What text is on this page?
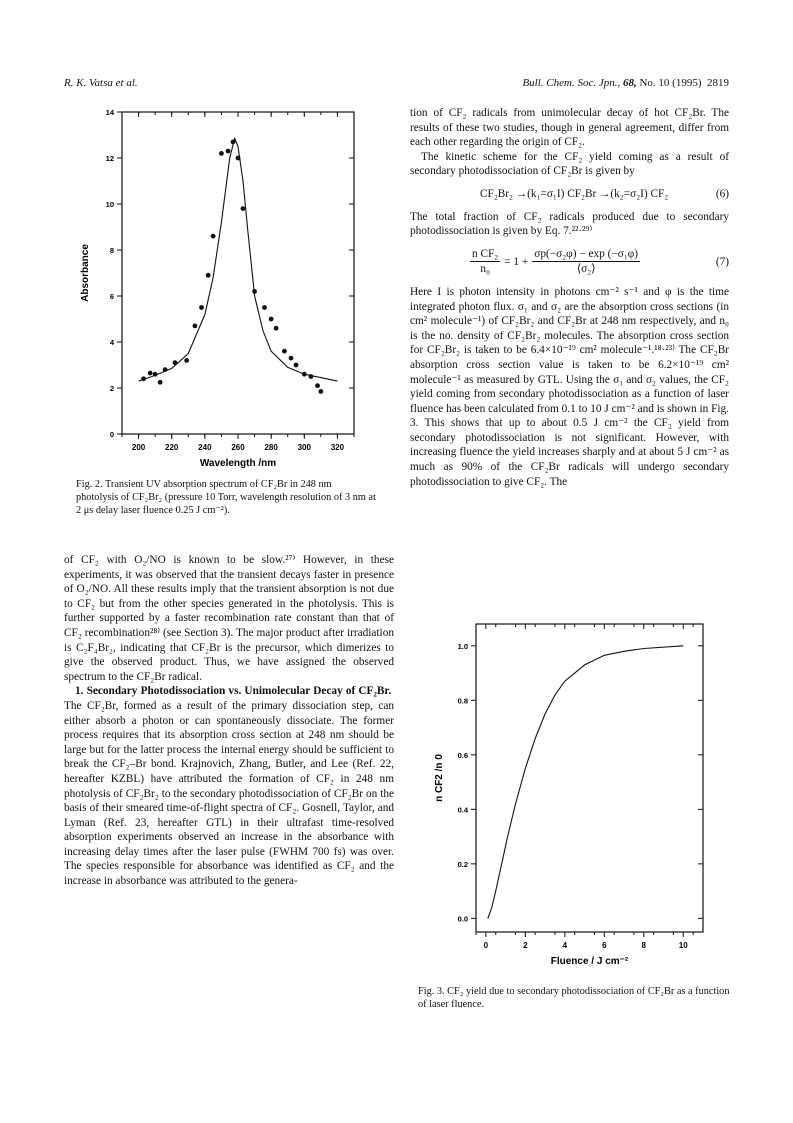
R. K. Vatsa et al.	Bull. Chem. Soc. Jpn., 68, No. 10 (1995) 2819
200 220 240 260 280 300 320
0
2
4
6
8
10
12
14
Wavelength /nm
Absorbance
Fig. 2. Transient UV absorption spectrum of CF₂Br in 248 nm photolysis of CF₂Br₂ (pressure 10 Torr, wavelength resolution of 3 nm at 2 μs delay laser fluence 0.25 J cm⁻²).

of CF₂ with O₂/NO is known to be slow.²⁷⁾ However, in these experiments, it was observed that the transient decays faster in presence of O₂/NO. All these results imply that the transient absorption is not due to CF₂ but from the other species generated in the photolysis. This is further supported by a faster recombination rate constant than that of CF₂ recombination²⁸⁾ (see Section 3). The major product after irradiation is C₂F₄Br₂, indicating that CF₂Br is the precursor, which dimerizes to give the observed product. Thus, we have assigned the observed spectrum to the CF₂Br radical.

1. Secondary Photodissociation vs. Unimolecular Decay of CF₂Br.  The CF₂Br, formed as a result of the primary dissociation step, can either absorb a photon or can spontaneously dissociate. The former process requires that its absorption cross section at 248 nm should be large but for the latter process the internal energy should be sufficient to break the CF₂–Br bond. Krajnovich, Zhang, Butler, and Lee (Ref. 22, hereafter KZBL) have attributed the formation of CF₂ in 248 nm photolysis of CF₂Br₂ to the secondary photodissociation of CF₂Br on the basis of their smeared time-of-flight spectra of CF₂. Gosnell, Taylor, and Lyman (Ref. 23, hereafter GTL) in their ultrafast time-resolved absorption experiments observed an increase in the absorbance with increasing delay times after the laser pulse (FWHM 700 fs) was over. The species responsible for absorbance was identified as CF₂ and the increase in absorbance was attributed to the genera-

tion of CF₂ radicals from unimolecular decay of hot CF₂Br. The results of these two studies, though in general agreement, differ from each other regarding the origin of CF₂.

The kinetic scheme for the CF₂ yield coming as a result of secondary photodissociation of CF₂Br is given by

CF₂Br₂ →(k₁=σ₁I) CF₂Br →(k₂=σ₂I) CF₂	(6)

The total fraction of CF₂ radicals produced due to secondary photodissociation is given by Eq. 7.²²·²⁹⁾

$\frac{\text{n CF₂}}{\text{n₀}} = 1 + \frac{\text{σp(−σ₂φ) − exp (−σ₁φ)}}{\text{⟨σ₂⟩}}$	(7)

Here I is photon intensity in photons cm⁻² s⁻¹ and φ is the time integrated photon flux. σ₁ and σ₂ are the absorption cross sections (in cm² molecule⁻¹) of CF₂Br₂ and CF₂Br at 248 nm respectively, and n₀ is the no. density of CF₂Br₂ molecules. The absorption cross section for CF₂Br₂ is taken to be 6.4×10⁻¹⁹ cm² molecule⁻¹.¹⁸·²³⁾ The CF₂Br absorption cross section value is taken to be 6.2×10⁻¹⁹ cm² molecule⁻¹ as measured by GTL. Using the σ₁ and σ₂ values, the CF₂ yield coming from secondary photodissociation as a function of laser fluence has been calculated from 0.1 to 10 J cm⁻² and is shown in Fig. 3. This shows that up to about 0.5 J cm⁻² the CF₂ yield from secondary photodissociation is not significant. However, with increasing fluence the yield increases sharply and at about 5 J cm⁻² as much as 90% of the CF₂Br radicals will undergo secondary photodissociation to give CF₂. The

0	2	4	6	8	10
0.0
0.2
0.4
0.6
0.8
1.0
Fluence / J cm⁻²
n CF2 /n 0
Fig. 3. CF₂ yield due to secondary photodissociation of CF₂Br as a function of laser fluence.
